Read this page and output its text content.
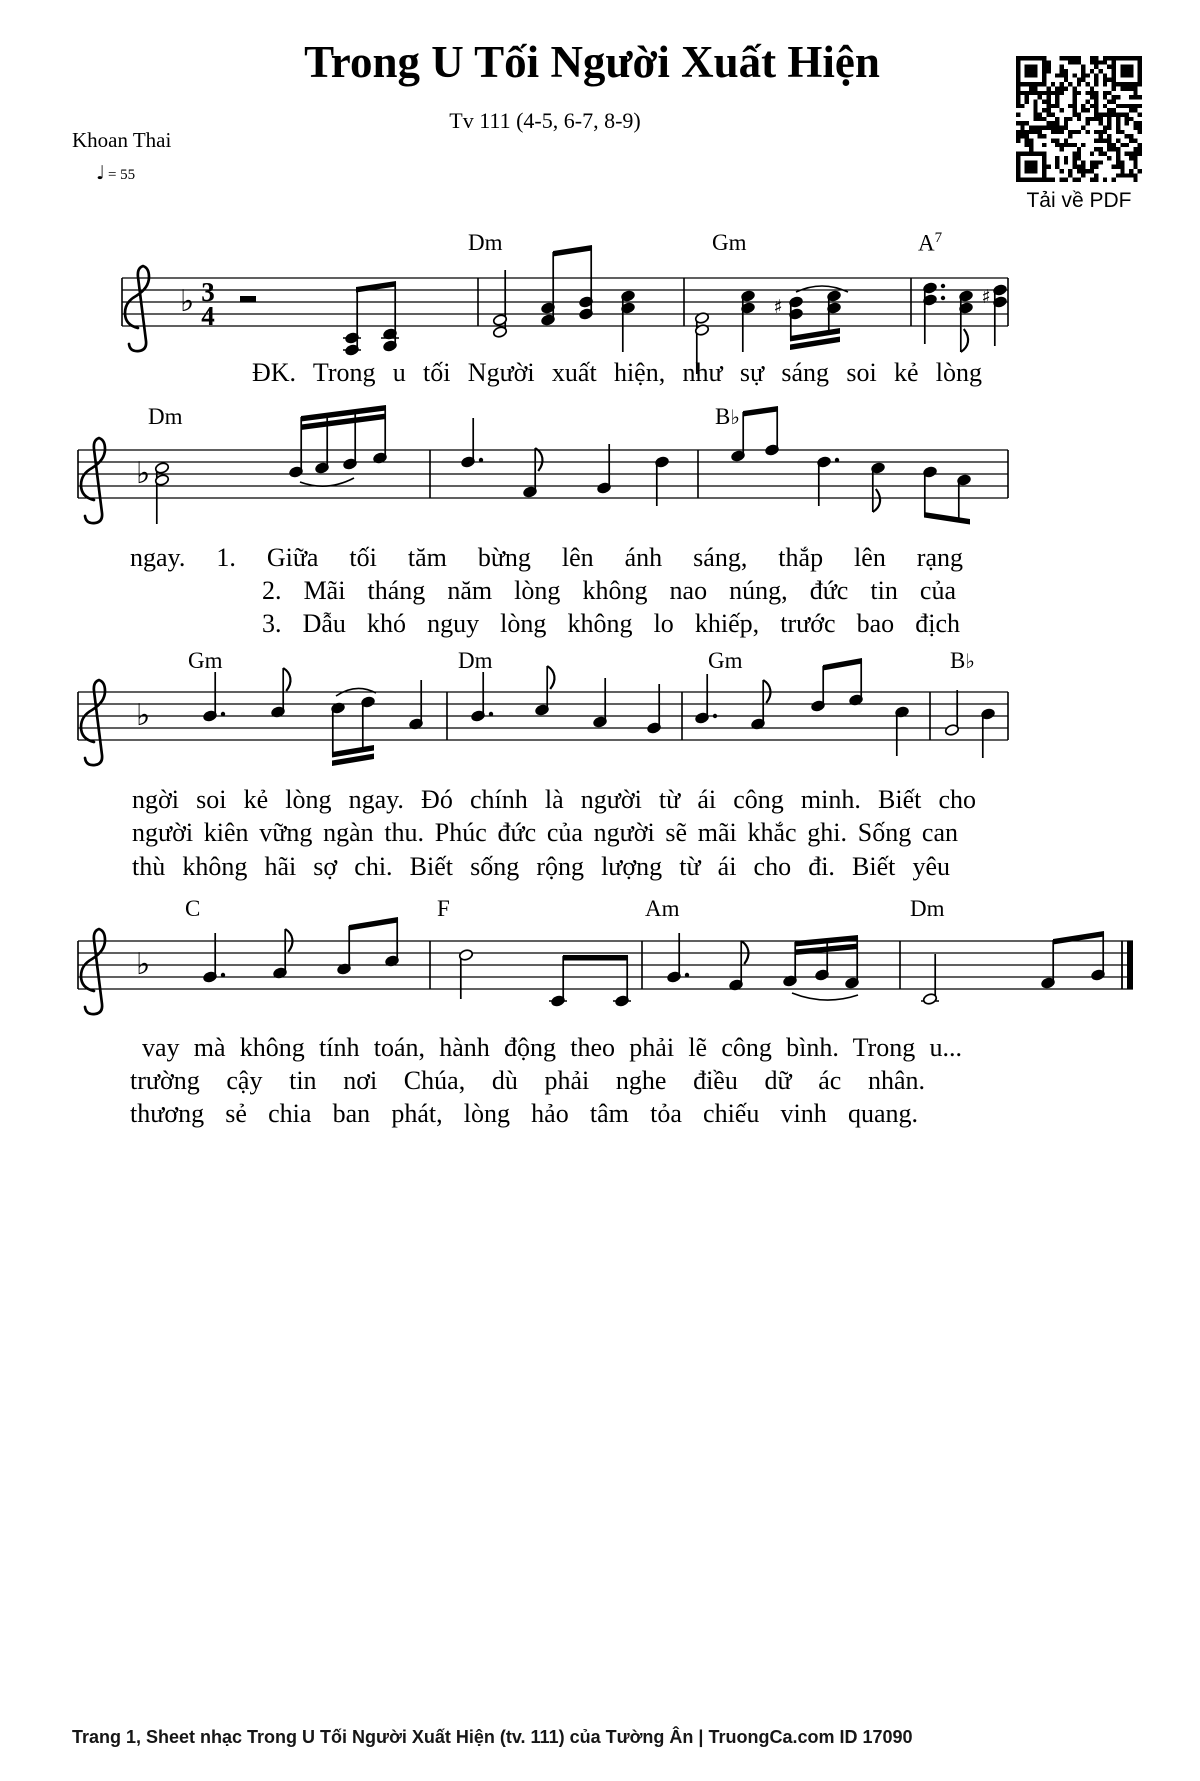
Trong U Tối Người Xuất Hiện
Tv 111 (4-5, 6-7, 8-9)
Khoan Thai
♩ = 55
Tải về PDF
♭ 3
4	♯	♯
♭
♭
♭
Dm	Gm	$A^7$
ĐK. Trong u tối Người xuất hiện, như sự sáng soi kẻ lòng
Dm	B♭
ngay. 1. Giữa tối tăm bừng lên ánh sáng, thắp lên rạng
2. Mãi tháng năm lòng không nao núng, đức tin của
3. Dẫu khó nguy lòng không lo khiếp, trước bao địch
Gm	Dm	Gm	B♭
ngời soi kẻ lòng ngay. Đó chính là người từ ái công minh. Biết cho
người kiên vững ngàn thu. Phúc đức của người sẽ mãi khắc ghi. Sống can
thù không hãi sợ chi. Biết sống rộng lượng từ ái cho đi. Biết yêu
C	F	Am	Dm
vay mà không tính toán, hành động theo phải lẽ công bình. Trong u...
trường cậy tin nơi Chúa, dù phải nghe điều dữ ác nhân.
thương sẻ chia ban phát, lòng hảo tâm tỏa chiếu vinh quang.
Trang 1, Sheet nhạc Trong U Tối Người Xuất Hiện (tv. 111) của Tường Ân | TruongCa.com ID 17090
